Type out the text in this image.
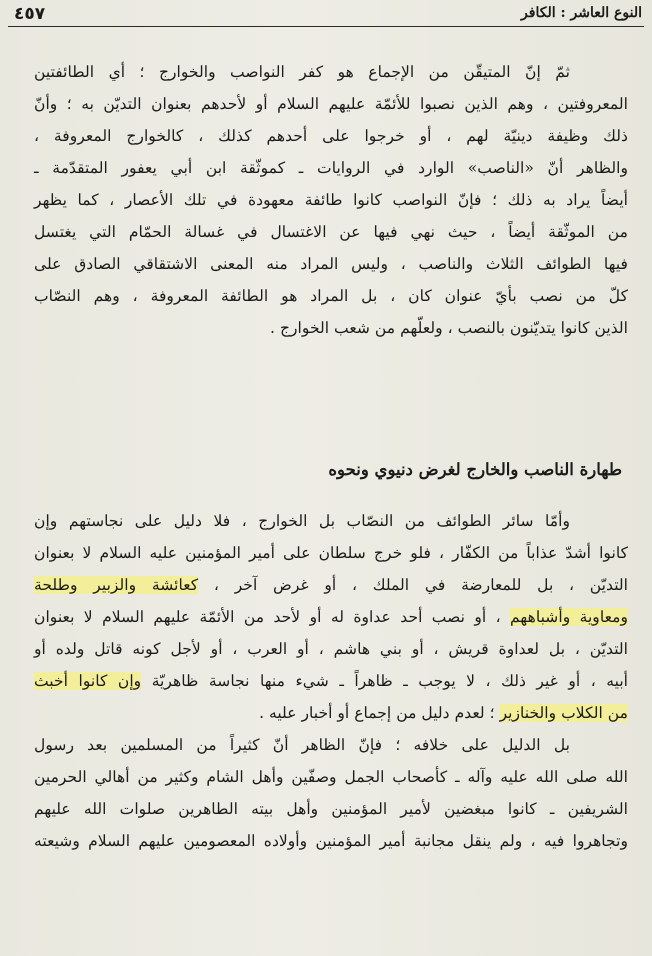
٤٥٧	النوع العاشر : الكافر
ثمّ إنّ المتيقّن من الإجماع هو كفر النواصب والخوارج ؛ أي الطائفتين
المعروفتين ، وهم الذين نصبوا للأئمّة عليهم السلام أو لأحدهم بعنوان التديّن به ؛ وأنّ
ذلك وظيفة دينيّة لهم ، أو خرجوا على أحدهم كذلك ، كالخوارج المعروفة ،
والظاهر أنّ «الناصب» الوارد في الروايات ـ كموثّقة ابن أبي يعفور المتقدّمة ـ
أيضاً يراد به ذلك ؛ فإنّ النواصب كانوا طائفة معهودة في تلك الأعصار ، كما يظهر
من الموثّقة أيضاً ، حيث نهي فيها عن الاغتسال في غسالة الحمّام التي يغتسل
فيها الطوائف الثلاث والناصب ، وليس المراد منه المعنى الاشتقاقي الصادق على
كلّ من نصب بأيّ عنوان كان ، بل المراد هو الطائفة المعروفة ، وهم النصّاب
الذين كانوا يتديّنون بالنصب ، ولعلّهم من شعب الخوارج .
وأمّا سائر الطوائف من النصّاب بل الخوارج ، فلا دليل على نجاستهم وإن
كانوا أشدّ عذاباً من الكفّار ، فلو خرج سلطان على أمير المؤمنين عليه السلام لا بعنوان
التديّن ، بل للمعارضة في الملك ، أو غرض آخر ، كعائشة والزبير وطلحة
ومعاوية وأشباههم ، أو نصب أحد عداوة له أو لأحد من الأئمّة عليهم السلام لا بعنوان
التديّن ، بل لعداوة قريش ، أو بني هاشم ، أو العرب ، أو لأجل كونه قاتل ولده أو
أبيه ، أو غير ذلك ، لا يوجب ـ ظاهراً ـ شيء منها نجاسة ظاهريّة وإن كانوا أخبث
من الكلاب والخنازير ؛ لعدم دليل من إجماع أو أخبار عليه .
بل الدليل على خلافه ؛ فإنّ الظاهر أنّ كثيراً من المسلمين بعد رسول
الله صلى الله عليه وآله ـ كأصحاب الجمل وصفّين وأهل الشام وكثير من أهالي الحرمين
الشريفين ـ كانوا مبغضين لأمير المؤمنين وأهل بيته الطاهرين صلوات الله عليهم
وتجاهروا فيه ، ولم ينقل مجانبة أمير المؤمنين وأولاده المعصومين عليهم السلام وشيعته
طهارة الناصب والخارج لغرض دنيوي ونحوه
